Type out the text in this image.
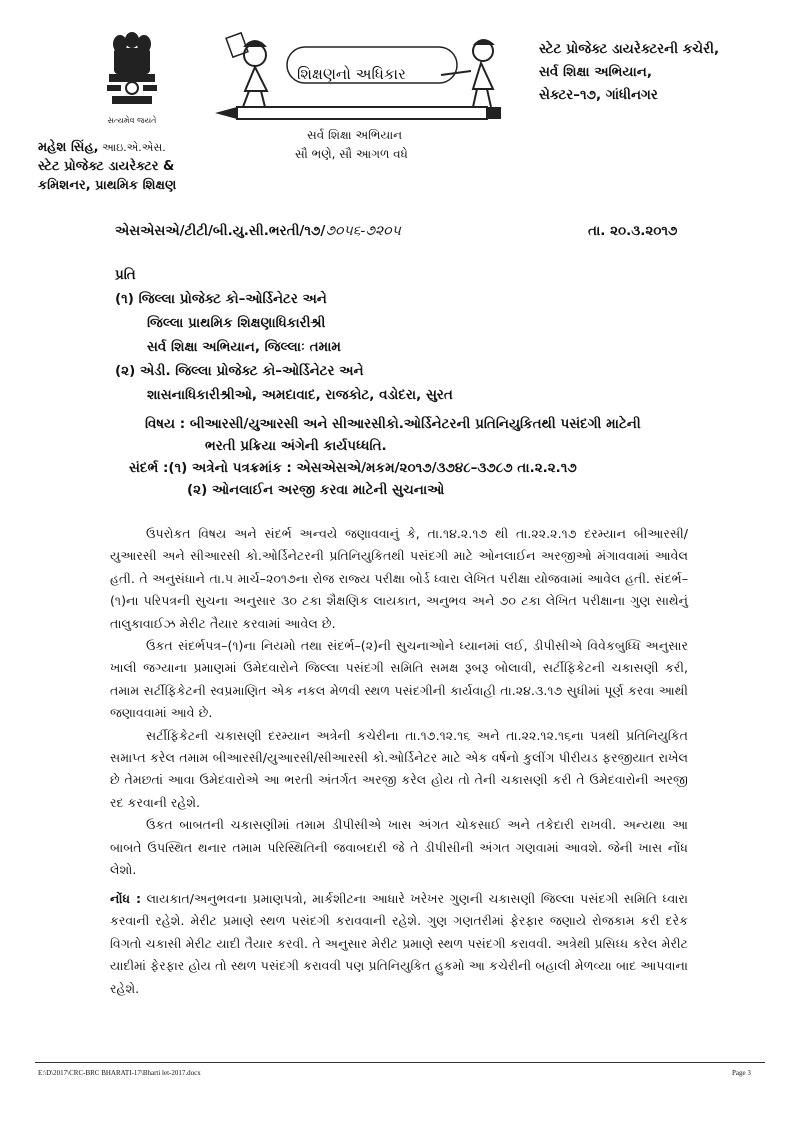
સત્યમેવ જયતે
મહેશ સિંહ, આઇ.એ.એસ.
સ્ટેટ પ્રોજેક્ટ ડાયરેક્ટર &
કમિશનર, પ્રાથમિક શિક્ષણ
શિક્ષણનો અધિકાર
સર્વ શિક્ષા અભિયાન
સૌ ભણે, સૌ આગળ વધે
સ્ટેટ પ્રોજેક્ટ ડાયરેક્ટરની કચેરી,
સર્વ શિક્ષા અભિયાન,
સેક્ટર–૧૭, ગાંધીનગર
એસએસએ/ટીટી/બી.યુ.સી.ભરતી/૧૭/૭૦૫૬-૭૨૦૫	તા. ૨૦.૩.૨૦૧૭
પ્રતિ
(૧) જિલ્લા પ્રોજેક્ટ કો–ઓર્ડિનેટર અને
જિલ્લા પ્રાથમિક શિક્ષણાધિકારીશ્રી
સર્વ શિક્ષા અભિયાન, જિલ્લાઃ તમામ
(૨) એડી. જિલ્લા પ્રોજેક્ટ કો–ઓર્ડિનેટર અને
શાસનાધિકારીશ્રીઓ, અમદાવાદ, રાજકોટ, વડોદરા, સુરત
વિષય : બીઆરસી/યુઆરસી અને સીઆરસીકો.ઓર્ડિનેટરની પ્રતિનિયુકિતથી પસંદગી માટેની
ભરતી પ્રક્રિયા અંગેની કાર્યપધ્ધતિ.
સંદર્ભ :(૧) અત્રેનો પત્રક્રમાંક : એસએસએ/મકમ/૨૦૧૭/૩૭૪૮–૩૭૮૭ તા.૨.૨.૧૭
(૨) ઓનલાઈન અરજી કરવા માટેની સુચનાઓ

ઉપરોકત વિષય અને સંદર્ભ અન્વયે જણાવવાનું કે, તા.૧૪.૨.૧૭ થી તા.૨૨.૨.૧૭ દરમ્યાન બીઆરસી/યુઆરસી અને સીઆરસી કો.ઓર્ડિનેટરની પ્રતિનિયુકિતથી પસંદગી માટે ઓનલાઈન અરજીઓ મંગાવવામાં આવેલ હતી. તે અનુસંધાને તા.૫ માર્ચ–૨૦૧૭ના રોજ રાજ્ય પરીક્ષા બોર્ડ ધ્વારા લેખિત પરીક્ષા યોજવામાં આવેલ હતી. સંદર્ભ–(૧)ના પરિપત્રની સુચના અનુસાર ૩૦ ટકા શૈક્ષણિક લાયકાત, અનુભવ અને ૭૦ ટકા લેખિત પરીક્ષાના ગુણ સાથેનું તાલુકાવાઈઝ મેરીટ તૈયાર કરવામાં આવેલ છે.

ઉકત સંદર્ભપત્ર–(૧)ના નિયમો તથા સંદર્ભ–(૨)ની સુચનાઓને ધ્યાનમાં લઈ, ડીપીસીએ વિવેકબુધ્ધિ અનુસાર ખાલી જગ્યાના પ્રમાણમાં ઉમેદવારોને જિલ્લા પસંદગી સમિતિ સમક્ષ રૂબરૂ બોલાવી, સર્ટીફિકેટની ચકાસણી કરી, તમામ સર્ટીફિકેટની સ્વપ્રમાણિત એક નકલ મેળવી સ્થળ પસંદગીની કાર્યવાહી તા.૨૪.૩.૧૭ સુધીમાં પૂર્ણ કરવા આથી જણાવવામાં આવે છે.

સર્ટીફિકેટની ચકાસણી દરમ્યાન અત્રેની કચેરીના તા.૧૭.૧૨.૧૬ અને તા.૨૨.૧૨.૧૬ના પત્રથી પ્રતિનિયુકિત સમાપ્ત કરેલ તમામ બીઆરસી/યુઆરસી/સીઆરસી કો.ઓર્ડિનેટર માટે એક વર્ષનો કુલીંગ પીરીયડ ફરજીયાત રાખેલ છે તેમછતાં આવા ઉમેદવારોએ આ ભરતી અંતર્ગત અરજી કરેલ હોય તો તેની ચકાસણી કરી તે ઉમેદવારોની અરજી રદ કરવાની રહેશે.

ઉકત બાબતની ચકાસણીમાં તમામ ડીપીસીએ ખાસ અંગત ચોકસાઈ અને તકેદારી રાખવી. અન્યથા આ બાબતે ઉપસ્થિત થનાર તમામ પરિસ્થિતિની જવાબદારી જે તે ડીપીસીની અંગત ગણવામાં આવશે. જેની ખાસ નોંધ લેશો.

નોંધ : લાયકાત/અનુભવના પ્રમાણપત્રો, માર્કશીટના આધારે ખરેખર ગુણની ચકાસણી જિલ્લા પસંદગી સમિતિ ધ્વારા કરવાની રહેશે. મેરીટ પ્રમાણે સ્થળ પસંદગી કરાવવાની રહેશે. ગુણ ગણતરીમાં ફેરફાર જણાયે રોજકામ કરી દરેક વિગતો ચકાસી મેરીટ યાદી તૈયાર કરવી. તે અનુસાર મેરીટ પ્રમાણે સ્થળ પસંદગી કરાવવી. અત્રેથી પ્રસિધ્ધ કરેલ મેરીટ યાદીમાં ફેરફાર હોય તો સ્થળ પસંદગી કરાવવી પણ પ્રતિનિયુકિત હુકમો આ કચેરીની બહાલી મેળવ્યા બાદ આપવાના રહેશે.
E:\D\2017\CRC-BRC BHARATI-17\Bharti let-2017.docx	Page 3
